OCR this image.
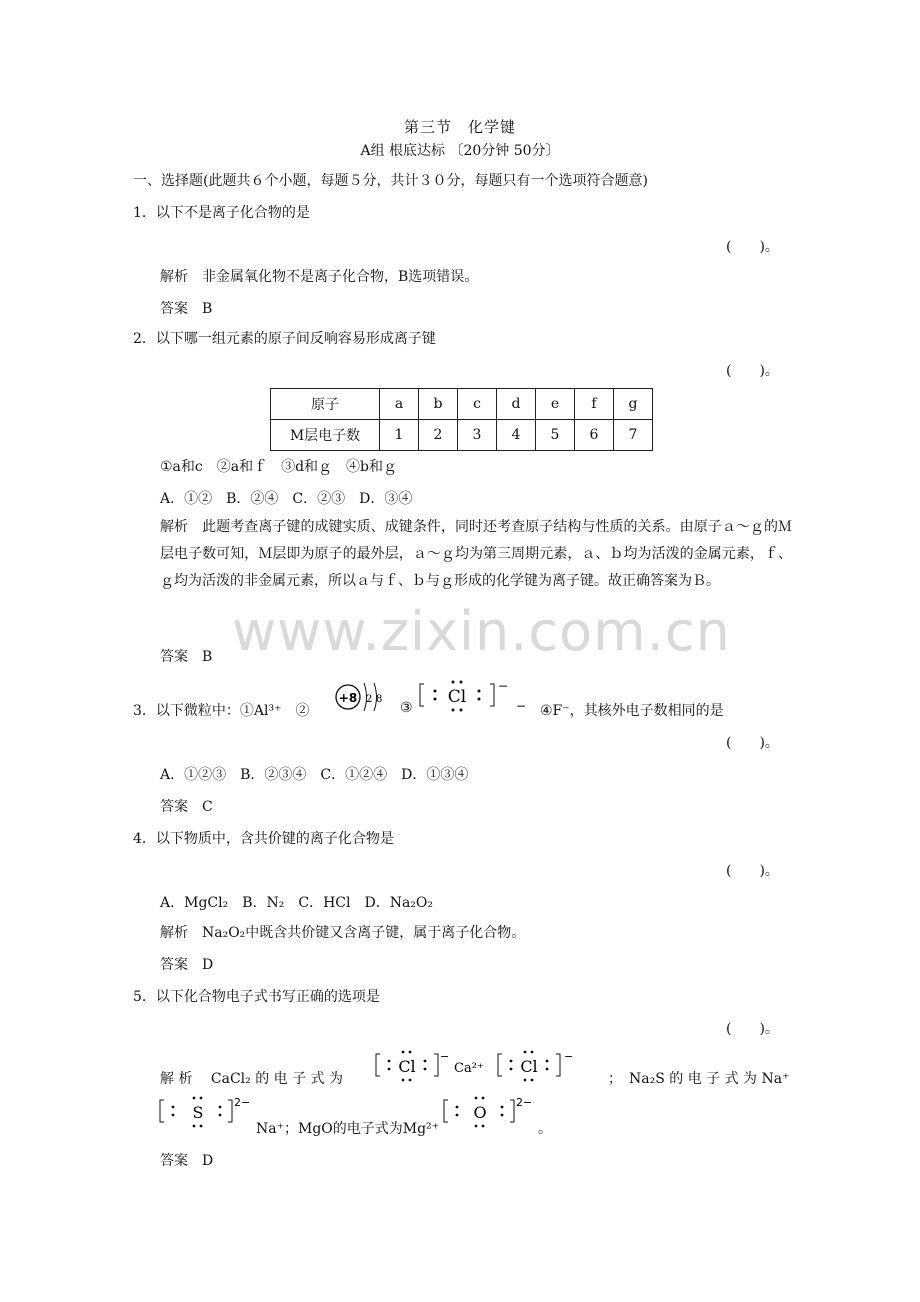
第三节　化学键
A组 根底达标 〔20分钟 50分〕
一、选择题(此题共６个小题，每题５分，共计３０分，每题只有一个选项符合题意)
1．以下不是离子化合物的是
(　　)。
解析　非金属氧化物不是离子化合物，B选项错误。
答案　B
2．以下哪一组元素的原子间反响容易形成离子键
(　　)。
原子	a	b	c	d	e	f	g
M层电子数	1	2	3	4	5	6	7
①a和c　②a和ｆ　③d和ｇ　④b和ｇ
A．①②　B．②④　C．②③　D．③④
解析　此题考查离子键的成键实质、成键条件，同时还考查原子结构与性质的关系。由原子ａ～ｇ的Ｍ层电子数可知，Ｍ层即为原子的最外层，ａ～ｇ均为第三周期元素，ａ、ｂ均为活泼的金属元素，ｆ、ｇ均为活泼的非金属元素，所以ａ与ｆ、ｂ与ｇ形成的化学键为离子键。故正确答案为Ｂ。
答案　B www.zixin.com.cn
3．以下微粒中：①Al³⁺　②
+8 2 8
③
Cl
−
− ④F⁻，其核外电子数相同的是
(　　)。
A．①②③　B．②③④　C．①②④　D．①③④
答案　C
4．以下物质中，含共价键的离子化合物是
(　　)。
A．MgCl₂　B．N₂　C．HCl　D．Na₂O₂
解析　Na₂O₂中既含共价键又含离子键，属于离子化合物。
答案　D
5．以下化合物电子式书写正确的选项是
(　　)。
解 析　 CaCl₂ 的 电 子 式 为
Cl
−
Ca²⁺ Cl
−
；　Na₂S 的 电 子 式 为 Na⁺
S
2−
Na⁺；MgO的电子式为Mg²⁺
O
2−
。
答案　D
